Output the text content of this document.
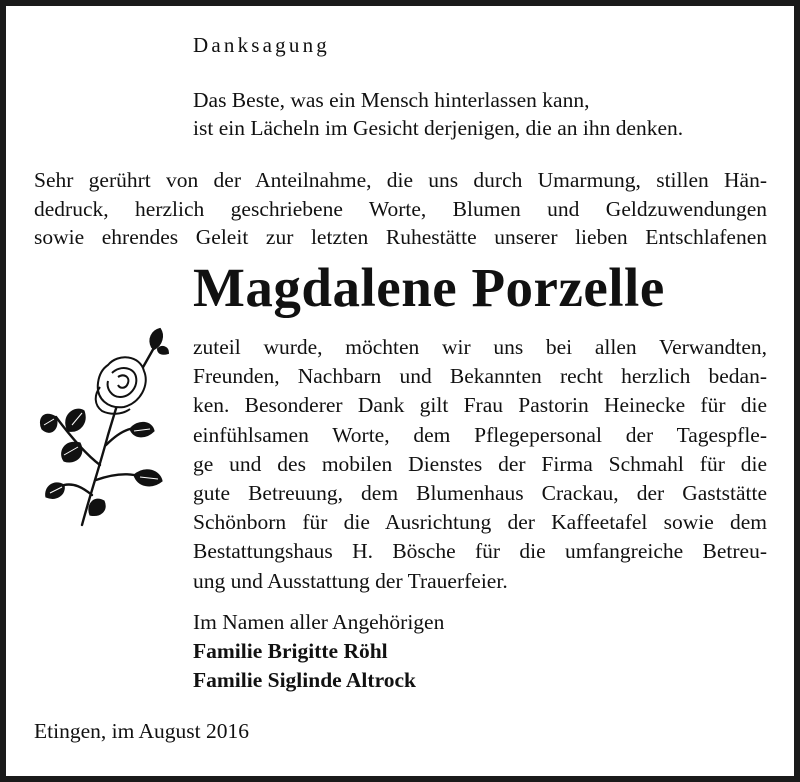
Danksagung
Das Beste, was ein Mensch hinterlassen kann,
ist ein Lächeln im Gesicht derjenigen, die an ihn denken.
Sehr gerührt von der Anteilnahme, die uns durch Umarmung, stillen Hän-
dedruck, herzlich geschriebene Worte, Blumen und Geldzuwendungen
sowie ehrendes Geleit zur letzten Ruhestätte unserer lieben Entschlafenen
Magdalene Porzelle
zuteil wurde, möchten wir uns bei allen Verwandten,
Freunden, Nachbarn und Bekannten recht herzlich bedan-
ken. Besonderer Dank gilt Frau Pastorin Heinecke für die
einfühlsamen Worte, dem Pflegepersonal der Tagespfle-
ge und des mobilen Dienstes der Firma Schmahl für die
gute Betreuung, dem Blumenhaus Crackau, der Gaststätte
Schönborn für die Ausrichtung der Kaffeetafel sowie dem
Bestattungshaus H. Bösche für die umfangreiche Betreu-
ung und Ausstattung der Trauerfeier.
Im Namen aller Angehörigen
Familie Brigitte Röhl
Familie Siglinde Altrock
Etingen, im August 2016
